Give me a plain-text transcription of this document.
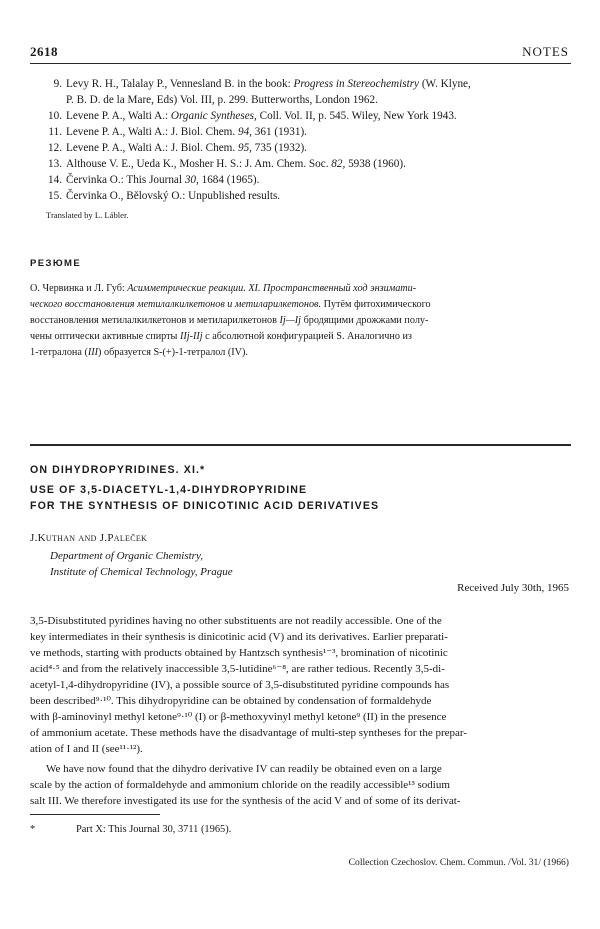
2618	NOTES
9. Levy R. H., Talalay P., Vennesland B. in the book: Progress in Stereochemistry (W. Klyne,
P. B. D. de la Mare, Eds) Vol. III, p. 299. Butterworths, London 1962.
10. Levene P. A., Walti A.: Organic Syntheses, Coll. Vol. II, p. 545. Wiley, New York 1943.
11. Levene P. A., Walti A.: J. Biol. Chem. 94, 361 (1931).
12. Levene P. A., Walti A.: J. Biol. Chem. 95, 735 (1932).
13. Althouse V. E., Ueda K., Mosher H. S.: J. Am. Chem. Soc. 82, 5938 (1960).
14. Červinka O.: This Journal 30, 1684 (1965).
15. Červinka O., Bělovský O.: Unpublished results.
Translated by L. Lábler.
РЕЗЮМЕ
О. Червинка и Л. Губ: Асимметрические реакции. XI. Пространственный ход энзимати-
ческого восстановления метилалкилкетонов и метиларилкетонов. Путём фитохимического
восстановления метилалкилкетонов и метиларилкетонов Ij—Ij бродящими дрожжами полу-
чены оптически активные спирты IIj-IIj с абсолютной конфигурацией S. Аналогично из
1-тетралона (III) образуется S-(+)-1-тетралол (IV).
ON DIHYDROPYRIDINES. XI.*
USE OF 3,5-DIACETYL-1,4-DIHYDROPYRIDINE
FOR THE SYNTHESIS OF DINICOTINIC ACID DERIVATIVES
J.Kuthan and J.Paleček
Department of Organic Chemistry,
Institute of Chemical Technology, Prague
Received July 30th, 1965
3,5-Disubstituted pyridines having no other substituents are not readily accessible. One of the
key intermediates in their synthesis is dinicotinic acid (V) and its derivatives. Earlier preparati-
ve methods, starting with products obtained by Hantzsch synthesis¹⁻³, bromination of nicotinic
acid⁴·⁵ and from the relatively inaccessible 3,5-lutidine⁶⁻⁸, are rather tedious. Recently 3,5-di-
acetyl-1,4-dihydropyridine (IV), a possible source of 3,5-disubstituted pyridine compounds has
been described⁹·¹⁰. This dihydropyridine can be obtained by condensation of formaldehyde
with β-aminovinyl methyl ketone⁹·¹⁰ (I) or β-methoxyvinyl methyl ketone⁹ (II) in the presence
of ammonium acetate. These methods have the disadvantage of multi-step syntheses for the prepar-
ation of I and II (see¹¹·¹²).
We have now found that the dihydro derivative IV can readily be obtained even on a large
scale by the action of formaldehyde and ammonium chloride on the readily accessible¹³ sodium
salt III. We therefore investigated its use for the synthesis of the acid V and of some of its derivat-
*	Part X: This Journal 30, 3711 (1965).
Collection Czechoslov. Chem. Commun. /Vol. 31/ (1966)
